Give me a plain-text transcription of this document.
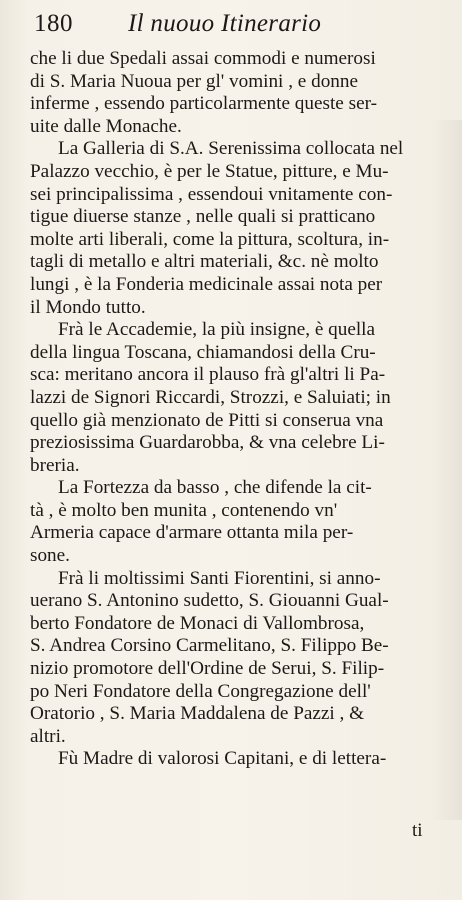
180 Il nuouo Itinerario

che li due Spedali assai commodi e numerosi
di S. Maria Nuoua per gl' vomini , e donne
inferme , essendo particolarmente queste ser-
uite dalle Monache.

La Galleria di S.A. Serenissima collocata nel
Palazzo vecchio, è per le Statue, pitture, e Mu-
sei principalissima , essendoui vnitamente con-
tigue diuerse stanze , nelle quali si pratticano
molte arti liberali, come la pittura, scoltura, in-
tagli di metallo e altri materiali, &c. nè molto
lungi , è la Fonderia medicinale assai nota per
il Mondo tutto.

Frà le Accademie, la più insigne, è quella
della lingua Toscana, chiamandosi della Cru-
sca: meritano ancora il plauso frà gl'altri li Pa-
lazzi de Signori Riccardi, Strozzi, e Saluiati; in
quello già menzionato de Pitti si conserua vna
preziosissima Guardarobba, & vna celebre Li-
breria.

La Fortezza da basso , che difende la cit-
tà , è molto ben munita , contenendo vn'
Armeria capace d'armare ottanta mila per-
sone.

Frà li moltissimi Santi Fiorentini, si anno-
uerano S. Antonino sudetto, S. Giouanni Gual-
berto Fondatore de Monaci di Vallombrosa,
S. Andrea Corsino Carmelitano, S. Filippo Be-
nizio promotore dell'Ordine de Serui, S. Filip-
po Neri Fondatore della Congregazione dell'
Oratorio , S. Maria Maddalena de Pazzi , &
altri.

Fù Madre di valorosi Capitani, e di lettera-

ti
